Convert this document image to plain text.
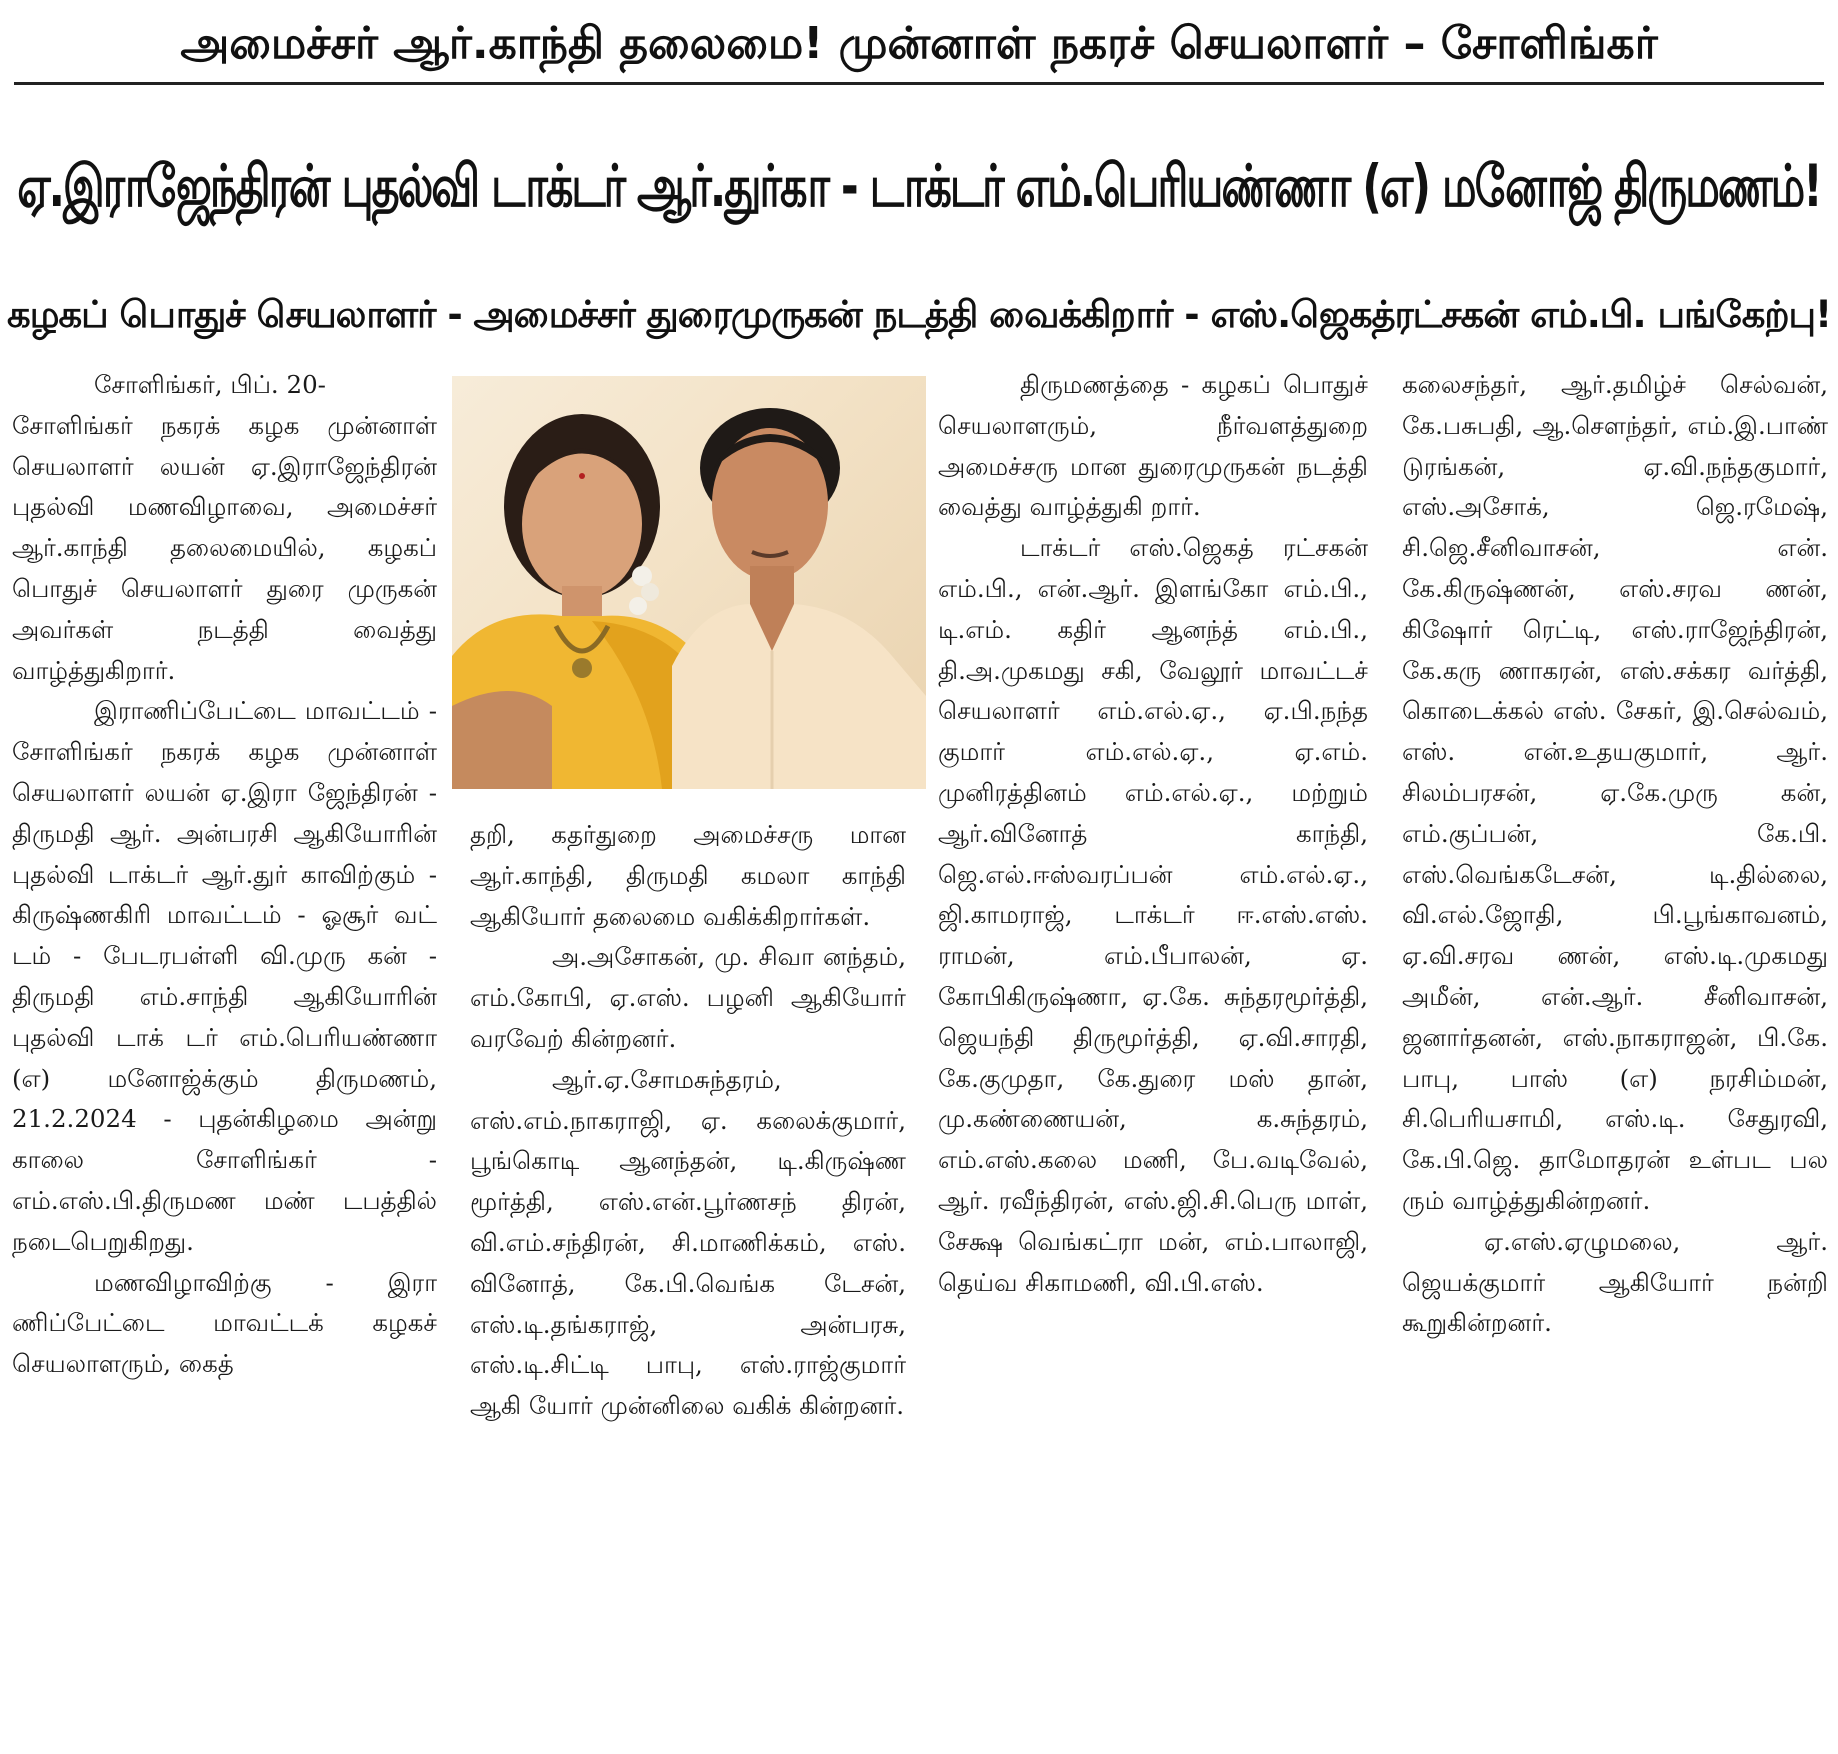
அமைச்சர் ஆர்.காந்தி தலைமை! முன்னாள் நகரச் செயலாளர் – சோளிங்கர்
ஏ.இராஜேந்திரன் புதல்வி டாக்டர் ஆர்.துர்கா - டாக்டர் எம்.பெரியண்ணா (எ) மனோஜ் திருமணம்!
கழகப் பொதுச் செயலாளர் - அமைச்சர் துரைமுருகன் நடத்தி வைக்கிறார் - எஸ்.ஜெகத்ரட்சகன் எம்.பி. பங்கேற்பு!

சோளிங்கர், பிப். 20-

சோளிங்கர் நகரக் கழக முன்னாள் செயலாளர் லயன் ஏ.இராஜேந்திரன் புதல்வி மணவிழாவை, அமைச்சர் ஆர்.காந்தி தலைமையில், கழகப் பொதுச் செயலாளர் துரை முருகன் அவர்கள் நடத்தி வைத்து வாழ்த்துகிறார்.

இராணிப்பேட்டை மாவட்டம் - சோளிங்கர் நகரக் கழக முன்னாள் செயலாளர் லயன் ஏ.இரா ஜேந்திரன் - திருமதி ஆர். அன்பரசி ஆகியோரின் புதல்வி டாக்டர் ஆர்.துர் காவிற்கும் - கிருஷ்ணகிரி மாவட்டம் - ஓசூர் வட் டம் - பேடரபள்ளி வி.முரு கன் - திருமதி எம்.சாந்தி ஆகியோரின் புதல்வி டாக் டர் எம்.பெரியண்ணா (எ) மனோஜ்க்கும் திருமணம், 21.2.2024 - புதன்கிழமை அன்று காலை சோளிங்கர் - எம்.எஸ்.பி.திருமண மண் டபத்தில் நடைபெறுகிறது.

மணவிழாவிற்கு - இரா ணிப்பேட்டை மாவட்டக் கழகச் செயலாளரும், கைத்

தறி, கதர்துறை அமைச்சரு மான ஆர்.காந்தி, திருமதி கமலா காந்தி ஆகியோர் தலைமை வகிக்கிறார்கள்.

அ.அசோகன், மு. சிவா னந்தம், எம்.கோபி, ஏ.எஸ். பழனி ஆகியோர் வரவேற் கின்றனர்.

ஆர்.ஏ.சோமசுந்தரம், எஸ்.எம்.நாகராஜி, ஏ. கலைக்குமார், பூங்கொடி ஆனந்தன், டி.கிருஷ்ண மூர்த்தி, எஸ்.என்.பூர்ணசந் திரன், வி.எம்.சந்திரன், சி.மாணிக்கம், எஸ். வினோத், கே.பி.வெங்க டேசன், எஸ்.டி.தங்கராஜ், அன்பரசு, எஸ்.டி.சிட்டி பாபு, எஸ்.ராஜ்குமார் ஆகி யோர் முன்னிலை வகிக் கின்றனர்.

திருமணத்தை - கழகப் பொதுச் செயலாளரும், நீர்வளத்துறை அமைச்சரு மான துரைமுருகன் நடத்தி வைத்து வாழ்த்துகி றார்.

டாக்டர் எஸ்.ஜெகத் ரட்சகன் எம்.பி., என்.ஆர். இளங்கோ எம்.பி., டி.எம். கதிர் ஆனந்த் எம்.பி., தி.அ.முகமது சகி, வேலூர் மாவட்டச் செயலாளர் எம்.எல்.ஏ., ஏ.பி.நந்த குமார் எம்.எல்.ஏ., ஏ.எம். முனிரத்தினம் எம்.எல்.ஏ., மற்றும் ஆர்.வினோத் காந்தி, ஜெ.எல்.ஈஸ்வரப்பன் எம்.எல்.ஏ., ஜி.காமராஜ், டாக்டர் ஈ.எஸ்.எஸ். ராமன், எம்.பீபாலன், ஏ. கோபிகிருஷ்ணா, ஏ.கே. சுந்தரமூர்த்தி, ஜெயந்தி திருமூர்த்தி, ஏ.வி.சாரதி, கே.குமுதா, கே.துரை மஸ் தான், மு.கண்ணையன், க.சுந்தரம், எம்.எஸ்.கலை மணி, பே.வடிவேல், ஆர். ரவீந்திரன், எஸ்.ஜி.சி.பெரு மாள், சேக்ஷ வெங்கட்ரா மன், எம்.பாலாஜி, தெய்வ சிகாமணி, வி.பி.எஸ்.

கலைசந்தர், ஆர்.தமிழ்ச் செல்வன், கே.பசுபதி, ஆ.சௌந்தர், எம்.இ.பாண் டுரங்கன், ஏ.வி.நந்தகுமார், எஸ்.அசோக், ஜெ.ரமேஷ், சி.ஜெ.சீனிவாசன், என். கே.கிருஷ்ணன், எஸ்.சரவ ணன், கிஷோர் ரெட்டி, எஸ்.ராஜேந்திரன், கே.கரு ணாகரன், எஸ்.சக்கர வர்த்தி, கொடைக்கல் எஸ். சேகர், இ.செல்வம், எஸ். என்.உதயகுமார், ஆர். சிலம்பரசன், ஏ.கே.முரு கன், எம்.குப்பன், கே.பி. எஸ்.வெங்கடேசன், டி.தில்லை, வி.எல்.ஜோதி, பி.பூங்காவனம், ஏ.வி.சரவ ணன், எஸ்.டி.முகமது அமீன், என்.ஆர். சீனிவாசன், ஜனார்தனன், எஸ்.நாகராஜன், பி.கே. பாபு, பாஸ் (எ) நரசிம்மன், சி.பெரியசாமி, எஸ்.டி. சேதுரவி, கே.பி.ஜெ. தாமோதரன் உள்பட பல ரும் வாழ்த்துகின்றனர்.

ஏ.எஸ்.ஏழுமலை, ஆர். ஜெயக்குமார் ஆகியோர் நன்றி கூறுகின்றனர்.
